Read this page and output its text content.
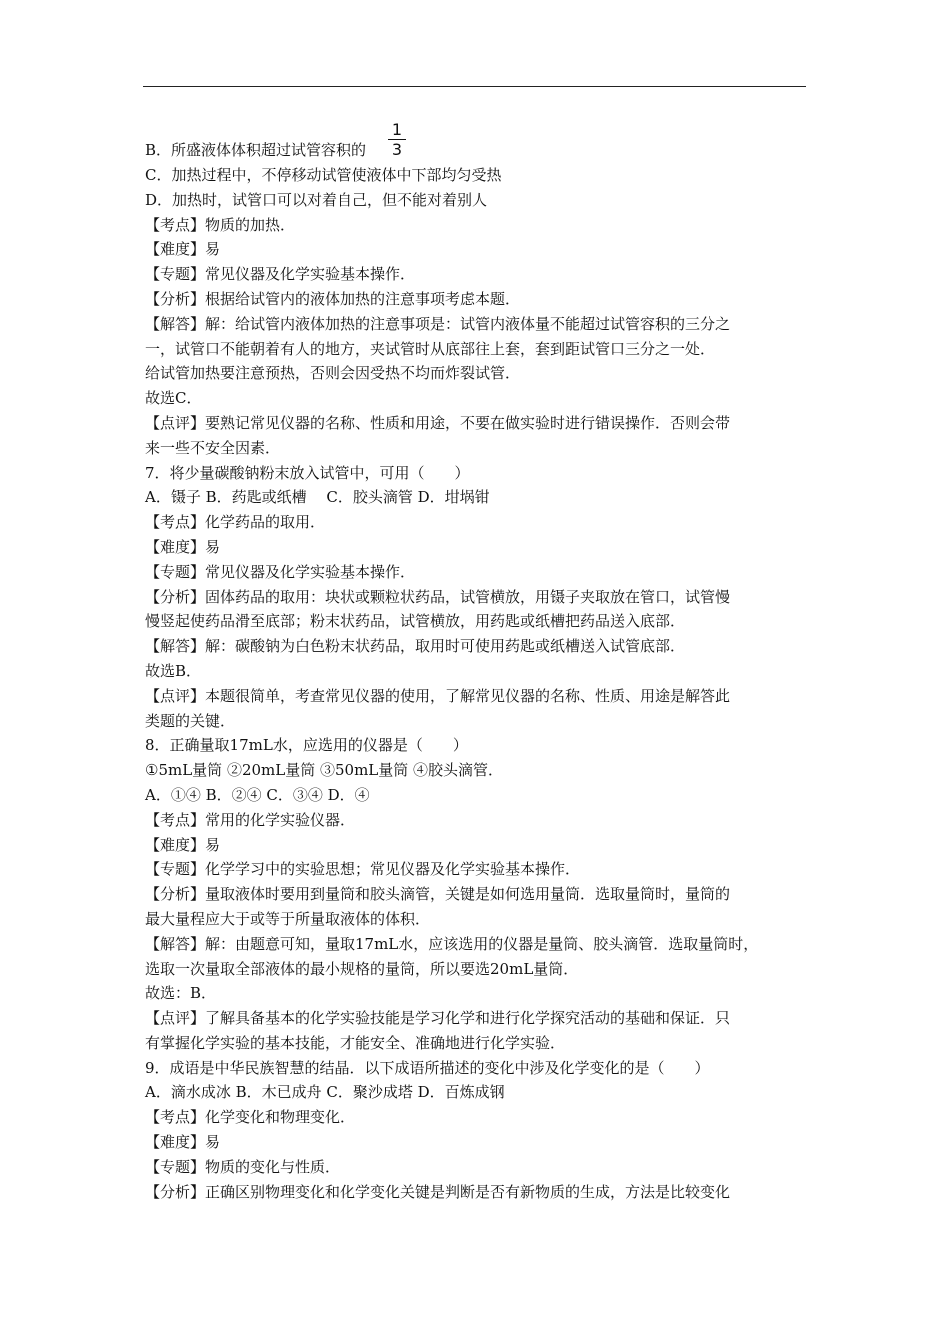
B．所盛液体体积超过试管容积的 $\frac{1}{3}$
C．加热过程中，不停移动试管使液体中下部均匀受热
D．加热时，试管口可以对着自己，但不能对着别人
【考点】物质的加热．
【难度】易
【专题】常见仪器及化学实验基本操作．
【分析】根据给试管内的液体加热的注意事项考虑本题．
【解答】解：给试管内液体加热的注意事项是：试管内液体量不能超过试管容积的三分之
一，试管口不能朝着有人的地方，夹试管时从底部往上套，套到距试管口三分之一处．
给试管加热要注意预热，否则会因受热不均而炸裂试管．
故选C．
【点评】要熟记常见仪器的名称、性质和用途，不要在做实验时进行错误操作．否则会带
来一些不安全因素．
7．将少量碳酸钠粉末放入试管中，可用（　　）
A．镊子 B．药匙或纸槽　 C．胶头滴管 D．坩埚钳
【考点】化学药品的取用．
【难度】易
【专题】常见仪器及化学实验基本操作．
【分析】固体药品的取用：块状或颗粒状药品，试管横放，用镊子夹取放在管口，试管慢
慢竖起使药品滑至底部；粉末状药品，试管横放，用药匙或纸槽把药品送入底部．
【解答】解：碳酸钠为白色粉末状药品，取用时可使用药匙或纸槽送入试管底部．
故选B．
【点评】本题很简单，考查常见仪器的使用，了解常见仪器的名称、性质、用途是解答此
类题的关键．
8．正确量取17mL水，应选用的仪器是（　　）
①5mL量筒 ②20mL量筒 ③50mL量筒 ④胶头滴管．
A．①④ B．②④ C．③④ D．④
【考点】常用的化学实验仪器．
【难度】易
【专题】化学学习中的实验思想；常见仪器及化学实验基本操作．
【分析】量取液体时要用到量筒和胶头滴管，关键是如何选用量筒．选取量筒时，量筒的
最大量程应大于或等于所量取液体的体积．
【解答】解：由题意可知，量取17mL水，应该选用的仪器是量筒、胶头滴管．选取量筒时，
选取一次量取全部液体的最小规格的量筒，所以要选20mL量筒．
故选：B．
【点评】了解具备基本的化学实验技能是学习化学和进行化学探究活动的基础和保证．只
有掌握化学实验的基本技能，才能安全、准确地进行化学实验．
9．成语是中华民族智慧的结晶．以下成语所描述的变化中涉及化学变化的是（　　）
A．滴水成冰 B．木已成舟 C．聚沙成塔 D．百炼成钢
【考点】化学变化和物理变化．
【难度】易
【专题】物质的变化与性质．
【分析】正确区别物理变化和化学变化关键是判断是否有新物质的生成，方法是比较变化
